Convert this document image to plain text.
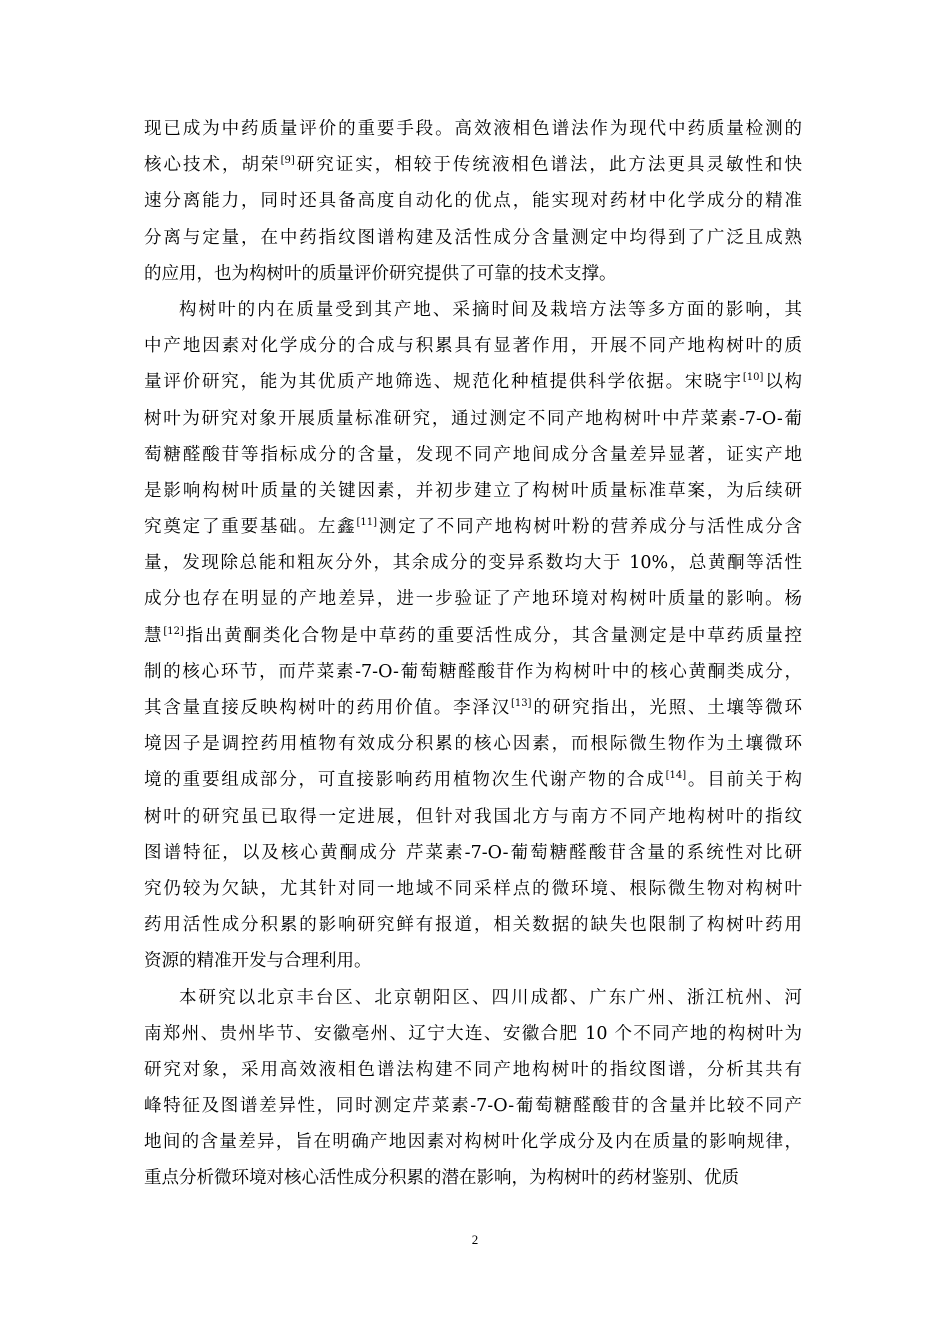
现已成为中药质量评价的重要手段。高效液相色谱法作为现代中药质量检测的
核心技术，胡荣[9]研究证实，相较于传统液相色谱法，此方法更具灵敏性和快
速分离能力，同时还具备高度自动化的优点，能实现对药材中化学成分的精准
分离与定量，在中药指纹图谱构建及活性成分含量测定中均得到了广泛且成熟
的应用，也为构树叶的质量评价研究提供了可靠的技术支撑。
构树叶的内在质量受到其产地、采摘时间及栽培方法等多方面的影响，其
中产地因素对化学成分的合成与积累具有显著作用，开展不同产地构树叶的质
量评价研究，能为其优质产地筛选、规范化种植提供科学依据。宋晓宇[10]以构
树叶为研究对象开展质量标准研究，通过测定不同产地构树叶中芹菜素-7-O-葡
萄糖醛酸苷等指标成分的含量，发现不同产地间成分含量差异显著，证实产地
是影响构树叶质量的关键因素，并初步建立了构树叶质量标准草案，为后续研
究奠定了重要基础。左鑫[11]测定了不同产地构树叶粉的营养成分与活性成分含
量，发现除总能和粗灰分外，其余成分的变异系数均大于 10%，总黄酮等活性
成分也存在明显的产地差异，进一步验证了产地环境对构树叶质量的影响。杨
慧[12]指出黄酮类化合物是中草药的重要活性成分，其含量测定是中草药质量控
制的核心环节，而芹菜素-7-O-葡萄糖醛酸苷作为构树叶中的核心黄酮类成分，
其含量直接反映构树叶的药用价值。李泽汉[13]的研究指出，光照、土壤等微环
境因子是调控药用植物有效成分积累的核心因素，而根际微生物作为土壤微环
境的重要组成部分，可直接影响药用植物次生代谢产物的合成[14]。目前关于构
树叶的研究虽已取得一定进展，但针对我国北方与南方不同产地构树叶的指纹
图谱特征，以及核心黄酮成分 芹菜素-7-O-葡萄糖醛酸苷含量的系统性对比研
究仍较为欠缺，尤其针对同一地域不同采样点的微环境、根际微生物对构树叶
药用活性成分积累的影响研究鲜有报道，相关数据的缺失也限制了构树叶药用
资源的精准开发与合理利用。
本研究以北京丰台区、北京朝阳区、四川成都、广东广州、浙江杭州、河
南郑州、贵州毕节、安徽亳州、辽宁大连、安徽合肥 10 个不同产地的构树叶为
研究对象，采用高效液相色谱法构建不同产地构树叶的指纹图谱，分析其共有
峰特征及图谱差异性，同时测定芹菜素-7-O-葡萄糖醛酸苷的含量并比较不同产
地间的含量差异，旨在明确产地因素对构树叶化学成分及内在质量的影响规律，
重点分析微环境对核心活性成分积累的潜在影响，为构树叶的药材鉴别、优质
2
